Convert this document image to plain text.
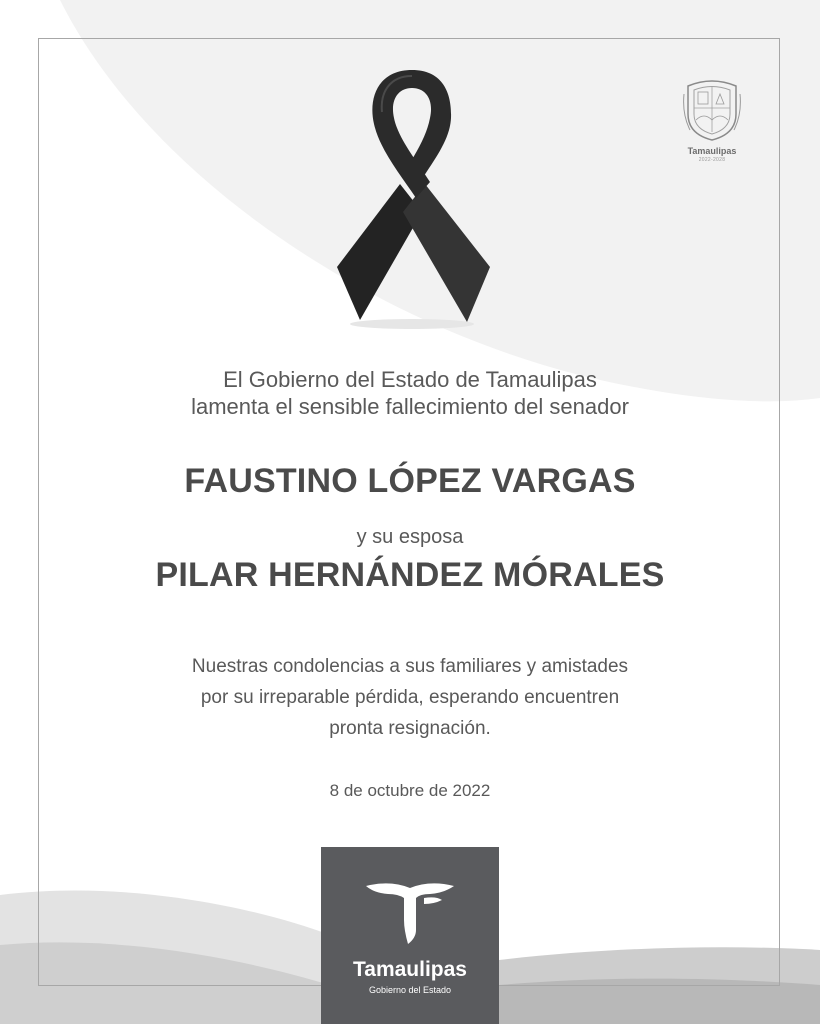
Tamaulipas
2022-2028
El Gobierno del Estado de Tamaulipas
lamenta el sensible fallecimiento del senador
FAUSTINO LÓPEZ VARGAS
y su esposa
PILAR HERNÁNDEZ MÓRALES
Nuestras condolencias a sus familiares y amistades
por su irreparable pérdida, esperando encuentren
pronta resignación.
8 de octubre de 2022
Tamaulipas
Gobierno del Estado
